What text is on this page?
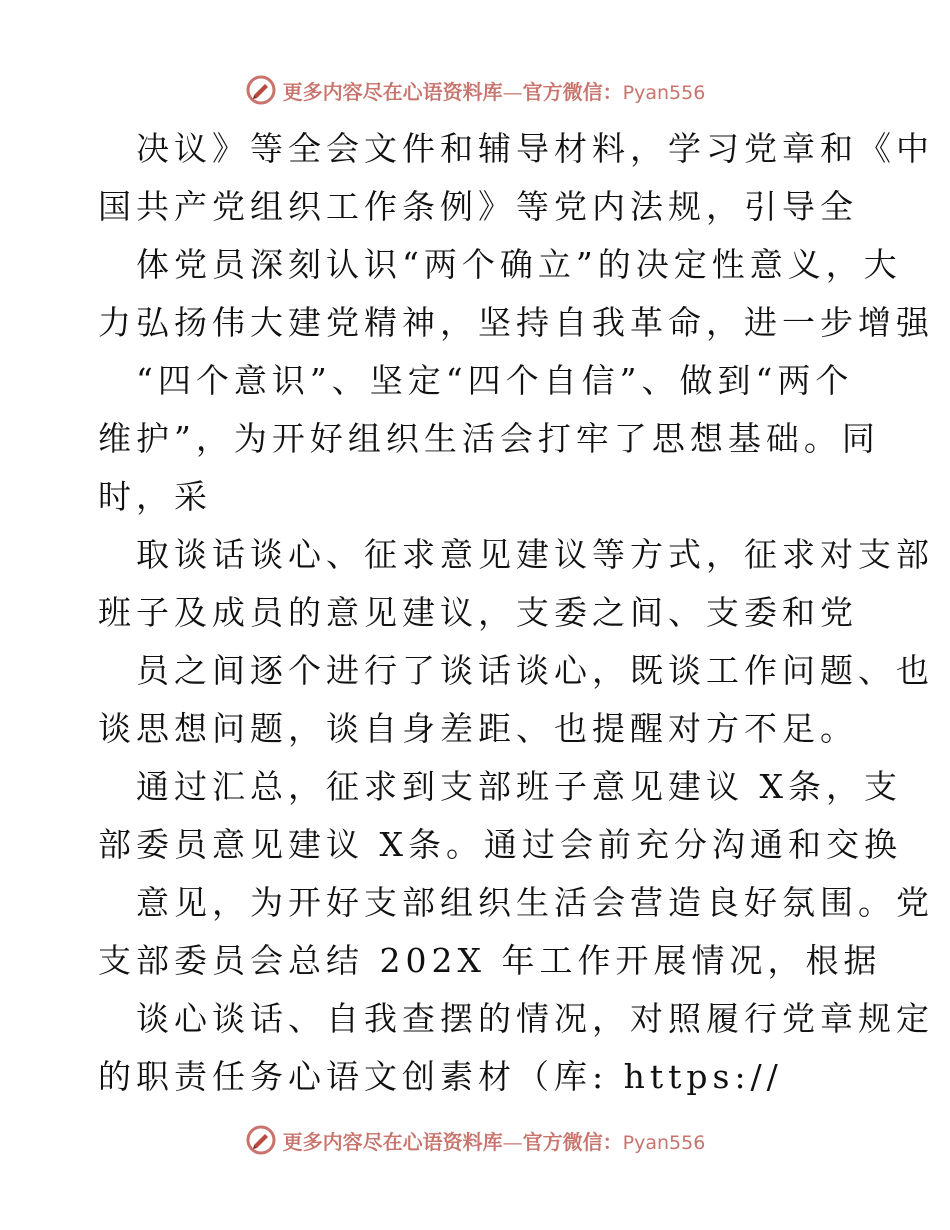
更多内容尽在心语资料库—官方微信：Pyan556
决议》等全会文件和辅导材料，学习党章和《中
国共产党组织工作条例》等党内法规，引导全
体党员深刻认识“两个确立”的决定性意义，大
力弘扬伟大建党精神，坚持自我革命，进一步增强
“四个意识”、坚定“四个自信”、做到“两个
维护”，为开好组织生活会打牢了思想基础。同
时，采
取谈话谈心、征求意见建议等方式，征求对支部
班子及成员的意见建议，支委之间、支委和党
员之间逐个进行了谈话谈心，既谈工作问题、也
谈思想问题，谈自身差距、也提醒对方不足。
通过汇总，征求到支部班子意见建议 X条，支
部委员意见建议 X条。通过会前充分沟通和交换
意见，为开好支部组织生活会营造良好氛围。党
支部委员会总结 202X 年工作开展情况，根据
谈心谈话、自我查摆的情况，对照履行党章规定
的职责任务心语文创素材（库: https://
更多内容尽在心语资料库—官方微信：Pyan556
